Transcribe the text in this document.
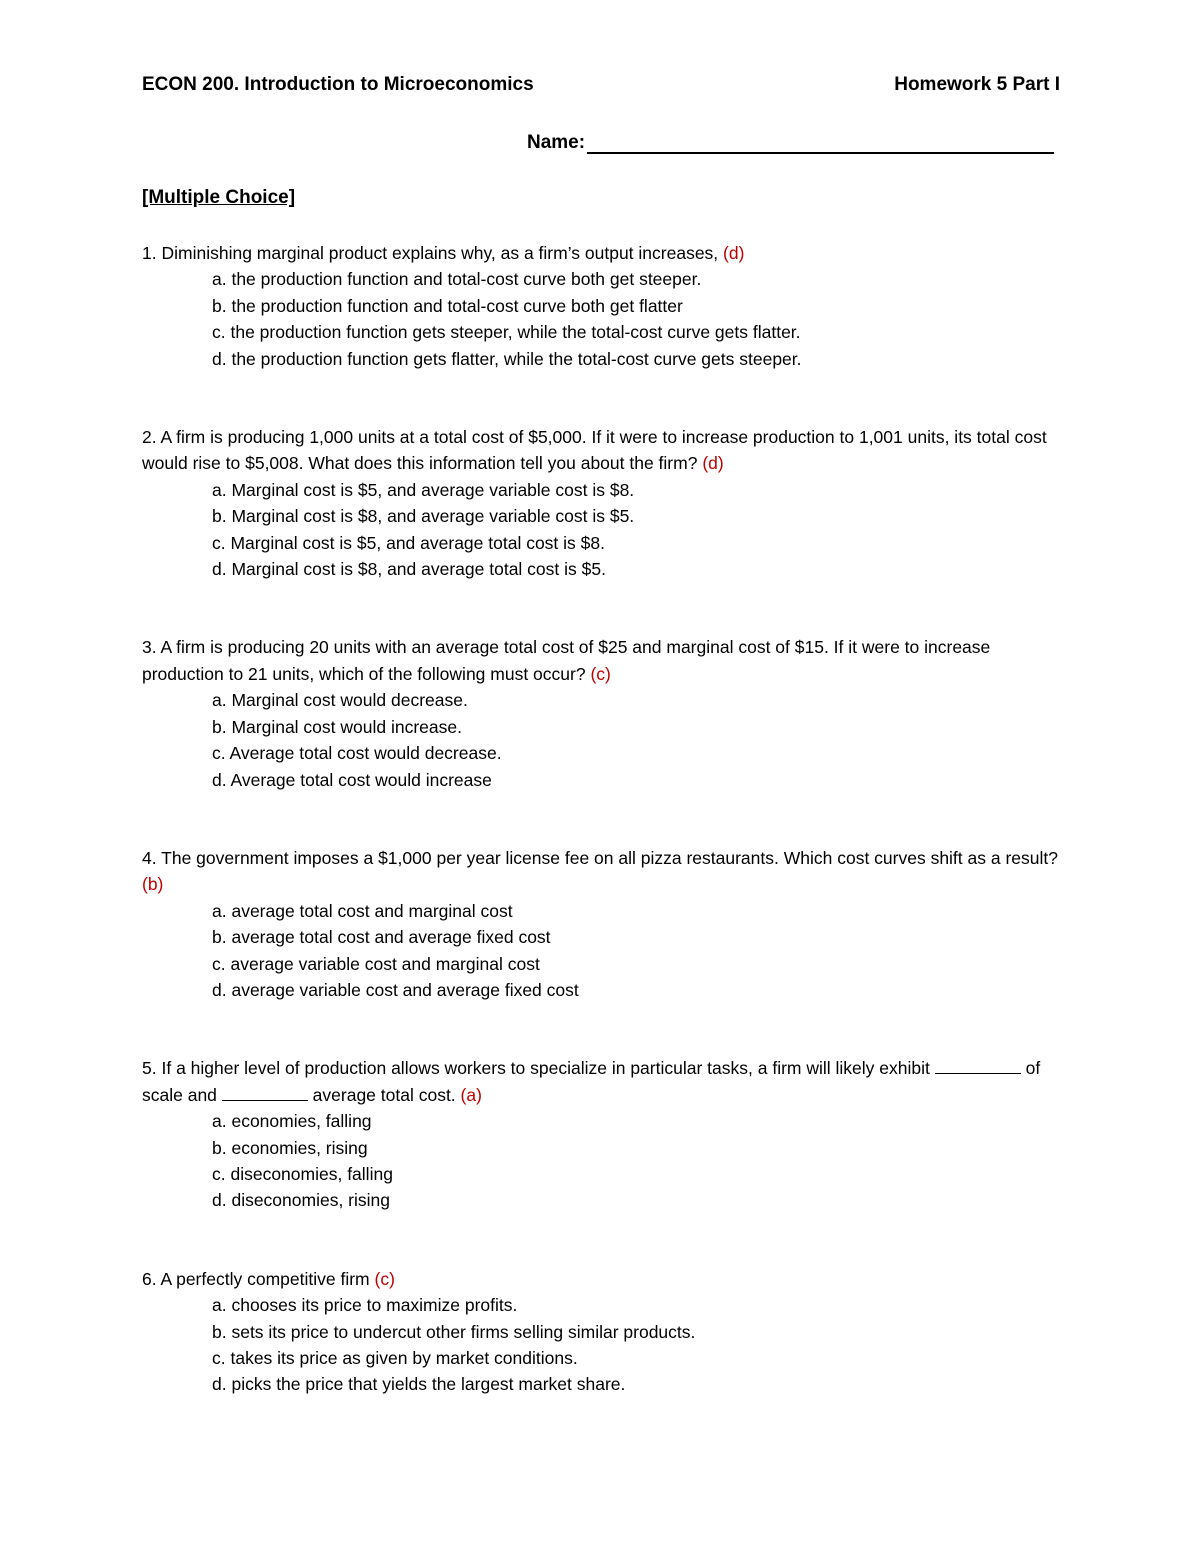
ECON 200. Introduction to Microeconomics	Homework 5 Part I
Name:
[Multiple Choice]

1. Diminishing marginal product explains why, as a firm’s output increases, (d)

a. the production function and total-cost curve both get steeper.
b. the production function and total-cost curve both get flatter
c. the production function gets steeper, while the total-cost curve gets flatter.
d. the production function gets flatter, while the total-cost curve gets steeper.

2. A firm is producing 1,000 units at a total cost of $5,000. If it were to increase production to 1,001 units, its total cost would rise to $5,008. What does this information tell you about the firm? (d)

a. Marginal cost is $5, and average variable cost is $8.
b. Marginal cost is $8, and average variable cost is $5.
c. Marginal cost is $5, and average total cost is $8.
d. Marginal cost is $8, and average total cost is $5.

3. A firm is producing 20 units with an average total cost of $25 and marginal cost of $15. If it were to increase production to 21 units, which of the following must occur? (c)

a. Marginal cost would decrease.
b. Marginal cost would increase.
c. Average total cost would decrease.
d. Average total cost would increase

4. The government imposes a $1,000 per year license fee on all pizza restaurants. Which cost curves shift as a result? (b)

a. average total cost and marginal cost
b. average total cost and average fixed cost
c. average variable cost and marginal cost
d. average variable cost and average fixed cost

5. If a higher level of production allows workers to specialize in particular tasks, a firm will likely exhibit	of scale and	average total cost. (a)

a. economies, falling
b. economies, rising
c. diseconomies, falling
d. diseconomies, rising

6. A perfectly competitive firm (c)

a. chooses its price to maximize profits.
b. sets its price to undercut other firms selling similar products.
c. takes its price as given by market conditions.
d. picks the price that yields the largest market share.
